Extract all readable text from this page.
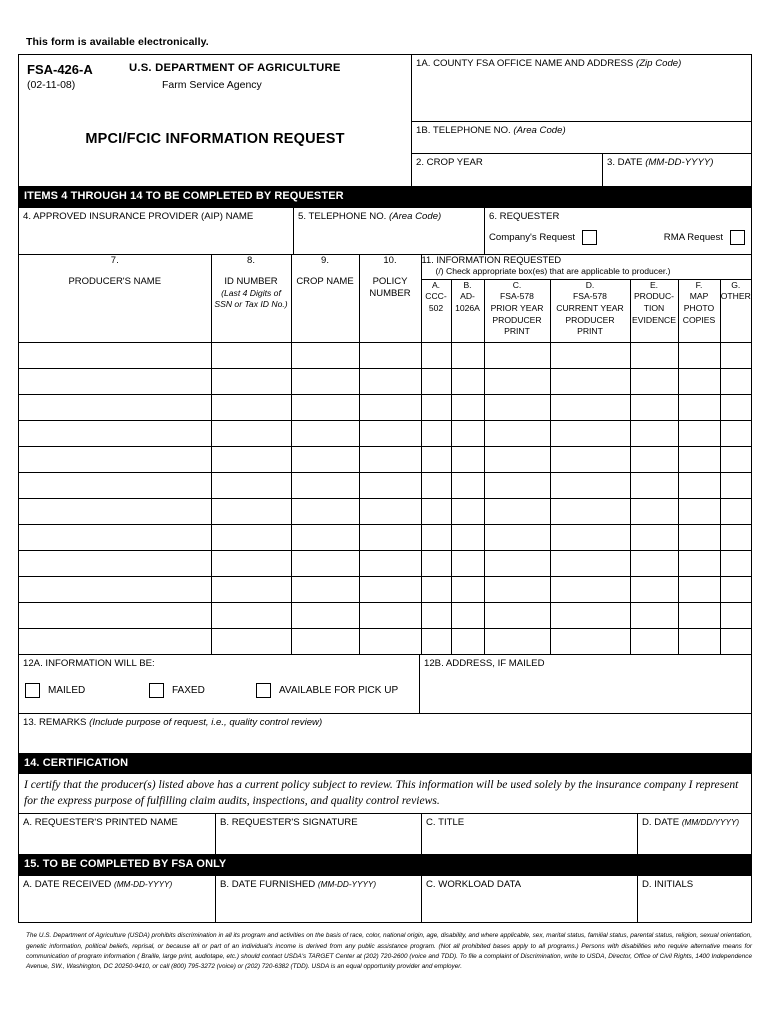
This form is available electronically.
FSA-426-A
(02-11-08)
U.S. DEPARTMENT OF AGRICULTURE
Farm Service Agency
MPCI/FCIC INFORMATION REQUEST
1A. COUNTY FSA OFFICE NAME AND ADDRESS (Zip Code)
1B. TELEPHONE NO. (Area Code)
2. CROP YEAR	3. DATE (MM-DD-YYYY)
ITEMS 4 THROUGH 14 TO BE COMPLETED BY REQUESTER
4. APPROVED INSURANCE PROVIDER (AIP) NAME	5. TELEPHONE NO. (Area Code)	6. REQUESTER
Company's Request	RMA Request
7.
PRODUCER'S NAME

8.
ID NUMBER
(Last 4 Digits of
SSN or Tax ID No.)

9.
CROP NAME

10.
POLICY
NUMBER

11. INFORMATION REQUESTED
(/) Check appropriate box(es) that are applicable to producer.)

A.
CCC-
502

B.
AD-
1026A

C.
FSA-578
PRIOR YEAR
PRODUCER
PRINT

D.
FSA-578
CURRENT YEAR
PRODUCER
PRINT

E.
PRODUC-
TION
EVIDENCE

F.
MAP
PHOTO
COPIES

G.
OTHER

12A. INFORMATION WILL BE:
MAILED	FAXED	AVAILABLE FOR PICK UP
12B. ADDRESS, IF MAILED
13. REMARKS (Include purpose of request, i.e., quality control review)
14. CERTIFICATION
I certify that the producer(s) listed above has a current policy subject to review. This information will be used solely by the insurance company I represent for the express purpose of fulfilling claim audits, inspections, and quality control reviews.
A. REQUESTER'S PRINTED NAME	B. REQUESTER'S SIGNATURE	C. TITLE	D. DATE (MM/DD/YYYY)
15. TO BE COMPLETED BY FSA ONLY
A. DATE RECEIVED (MM-DD-YYYY)	B. DATE FURNISHED (MM-DD-YYYY)	C. WORKLOAD DATA	D. INITIALS
The U.S. Department of Agriculture (USDA) prohibits discrimination in all its program and activities on the basis of race, color, national origin, age, disability, and where applicable, sex, marital status, familial status, parental status, religion, sexual orientation, genetic information, political beliefs, reprisal, or because all or part of an individual's income is derived from any public assistance program. (Not all prohibited bases apply to all programs.) Persons with disabilities who require alternative means for communication of program information ( Braille, large print, audiotape, etc.) should contact USDA's TARGET Center at (202) 720-2600 (voice and TDD). To file a complaint of Discrimination, write to USDA, Director, Office of Civil Rights, 1400 Independence Avenue, SW., Washington, DC 20250-9410, or call (800) 795-3272 (voice) or (202) 720-6382 (TDD). USDA is an equal opportunity provider and employer.
